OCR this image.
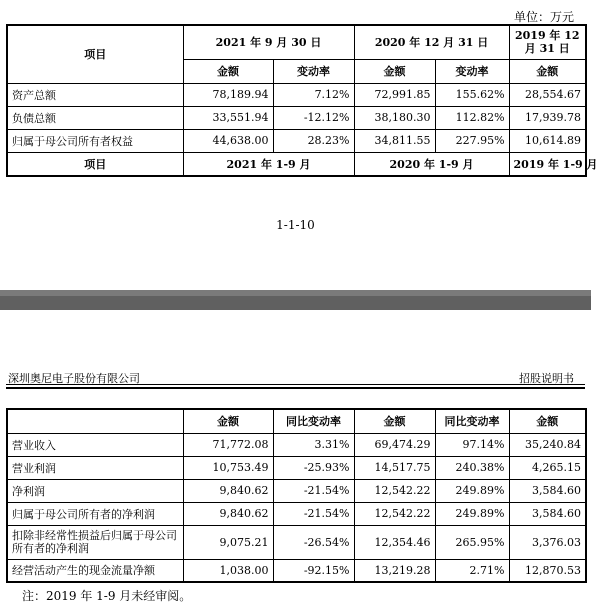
单位：万元
项目	2021 年 9 月 30 日		2020 年 12 月 31 日		2019 年 12 月 31 日
	金额	变动率	金额	变动率	金额
资产总额	78,189.94	7.12%	72,991.85	155.62%	28,554.67
负债总额	33,551.94	-12.12%	38,180.30	112.82%	17,939.78
归属于母公司所有者权益	44,638.00	28.23%	34,811.55	227.95%	10,614.89
项目	2021 年 1-9 月		2020 年 1-9 月		2019 年 1-9 月
1-1-10
深圳奥尼电子股份有限公司	招股说明书
	金额	同比变动率	金额	同比变动率	金额
营业收入	71,772.08	3.31%	69,474.29	97.14%	35,240.84
营业利润	10,753.49	-25.93%	14,517.75	240.38%	4,265.15
净利润	9,840.62	-21.54%	12,542.22	249.89%	3,584.60
归属于母公司所有者的净利润	9,840.62	-21.54%	12,542.22	249.89%	3,584.60
扣除非经常性损益后归属于母公司所有者的净利润	9,075.21	-26.54%	12,354.46	265.95%	3,376.03
经营活动产生的现金流量净额	1,038.00	-92.15%	13,219.28	2.71%	12,870.53
注：2019 年 1-9 月未经审阅。
